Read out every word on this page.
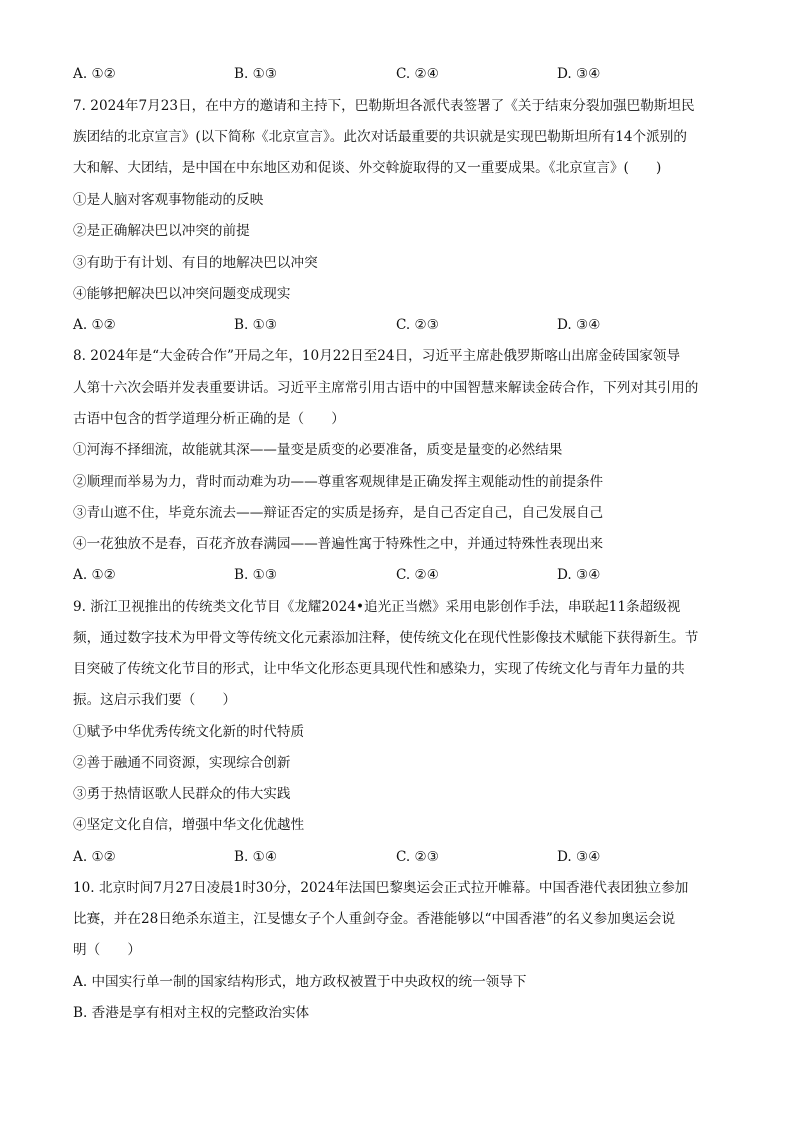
A. ①②	B. ①③	C. ②④	D. ③④
7. 2024年7月23日，在中方的邀请和主持下，巴勒斯坦各派代表签署了《关于结束分裂加强巴勒斯坦民
族团结的北京宣言》(以下简称《北京宣言》。此次对话最重要的共识就是实现巴勒斯坦所有14个派别的
大和解、大团结，是中国在中东地区劝和促谈、外交斡旋取得的又一重要成果。《北京宣言》(　　)
①是人脑对客观事物能动的反映
②是正确解决巴以冲突的前提
③有助于有计划、有目的地解决巴以冲突
④能够把解决巴以冲突问题变成现实
A. ①②	B. ①③	C. ②③	D. ③④
8. 2024年是“大金砖合作”开局之年，10月22日至24日，习近平主席赴俄罗斯喀山出席金砖国家领导
人第十六次会晤并发表重要讲话。习近平主席常引用古语中的中国智慧来解读金砖合作，下列对其引用的
古语中包含的哲学道理分析正确的是（　　）
①河海不择细流，故能就其深——量变是质变的必要准备，质变是量变的必然结果
②顺理而举易为力，背时而动难为功——尊重客观规律是正确发挥主观能动性的前提条件
③青山遮不住，毕竟东流去——辩证否定的实质是扬弃，是自己否定自己，自己发展自己
④一花独放不是春，百花齐放春满园——普遍性寓于特殊性之中，并通过特殊性表现出来
A. ①②	B. ①③	C. ②④	D. ③④
9. 浙江卫视推出的传统类文化节目《龙耀2024•追光正当燃》采用电影创作手法，串联起11条超级视
频，通过数字技术为甲骨文等传统文化元素添加注释，使传统文化在现代性影像技术赋能下获得新生。节
目突破了传统文化节目的形式，让中华文化形态更具现代性和感染力，实现了传统文化与青年力量的共
振。这启示我们要（　　）
①赋予中华优秀传统文化新的时代特质
②善于融通不同资源，实现综合创新
③勇于热情讴歌人民群众的伟大实践
④坚定文化自信，增强中华文化优越性
A. ①②	B. ①④	C. ②③	D. ③④
10. 北京时间7月27日凌晨1时30分，2024年法国巴黎奥运会正式拉开帷幕。中国香港代表团独立参加
比赛，并在28日绝杀东道主，江旻憓女子个人重剑夺金。香港能够以“中国香港”的名义参加奥运会说
明（　　）
A. 中国实行单一制的国家结构形式，地方政权被置于中央政权的统一领导下
B. 香港是享有相对主权的完整政治实体
